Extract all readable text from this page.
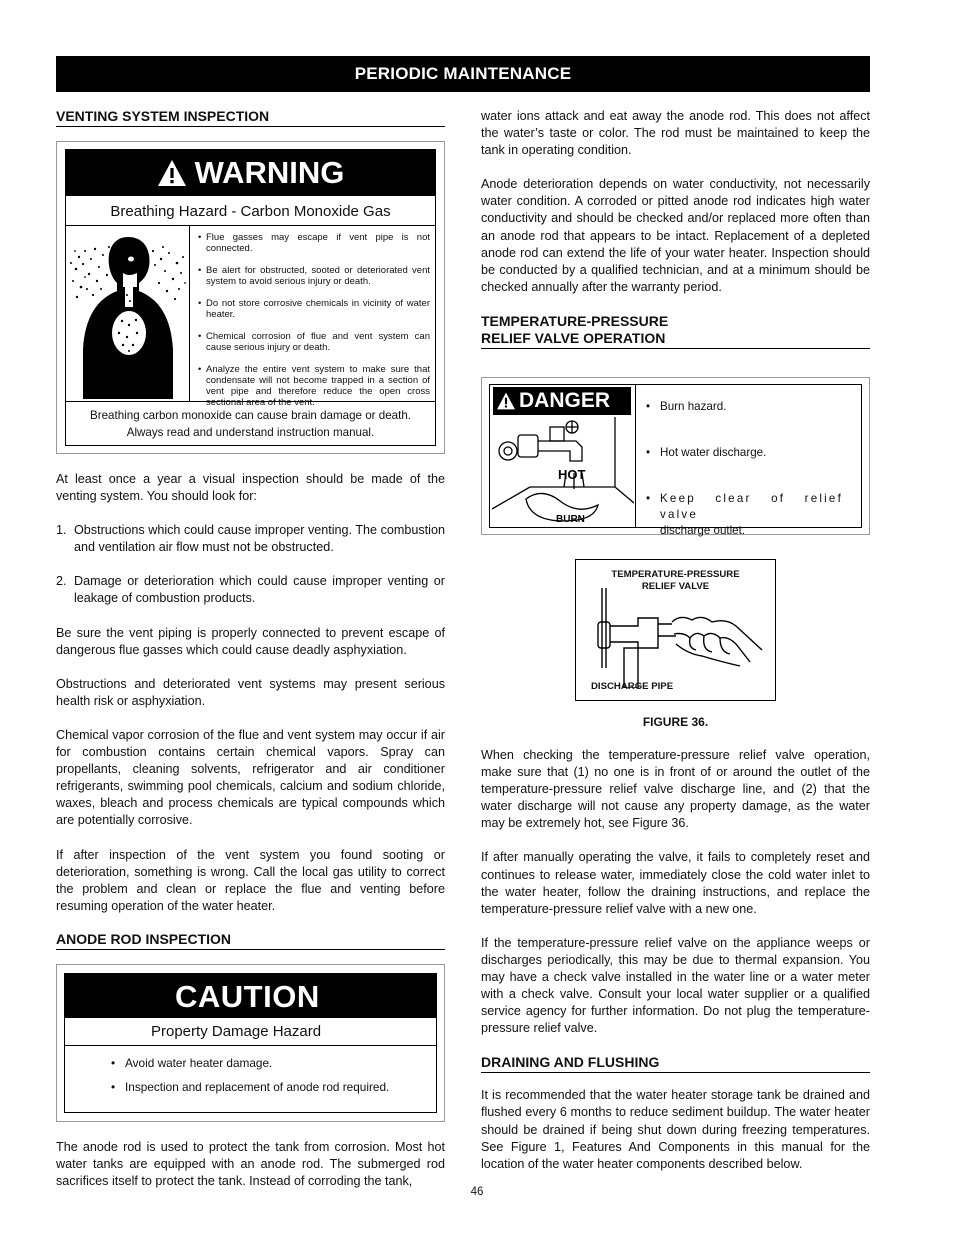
PERIODIC MAINTENANCE
VENTING SYSTEM INSPECTION
WARNING
Breathing Hazard - Carbon Monoxide Gas
• Flue gasses may escape if vent pipe is not connected.
• Be alert for obstructed, sooted or deteriorated vent system to avoid serious injury or death.
• Do not store corrosive chemicals in vicinity of water heater.
• Chemical corrosion of flue and vent system can cause serious injury or death.
• Analyze the entire vent system to make sure that condensate will not become trapped in a section of vent pipe and therefore reduce the open cross sectional area of the vent.
Breathing carbon monoxide can cause brain damage or death.
Always read and understand instruction manual.

At least once a year a visual inspection should be made of the venting system. You should look for:

1. Obstructions which could cause improper venting. The combustion and ventilation air flow must not be obstructed.
2. Damage or deterioration which could cause improper venting or leakage of combustion products.

Be sure the vent piping is properly connected to prevent escape of dangerous flue gasses which could cause deadly asphyxiation.

Obstructions and deteriorated vent systems may present serious health risk or asphyxiation.

Chemical vapor corrosion of the flue and vent system may occur if air for combustion contains certain chemical vapors. Spray can propellants, cleaning solvents, refrigerator and air conditioner refrigerants, swimming pool chemicals, calcium and sodium chloride, waxes, bleach and process chemicals are typical compounds which are potentially corrosive.

If after inspection of the vent system you found sooting or deterioration, something is wrong. Call the local gas utility to correct the problem and clean or replace the flue and venting before resuming operation of the water heater.

ANODE ROD INSPECTION
CAUTION
Property Damage Hazard
• Avoid water heater damage.
• Inspection and replacement of anode rod required.

The anode rod is used to protect the tank from corrosion. Most hot water tanks are equipped with an anode rod. The submerged rod sacrifices itself to protect the tank. Instead of corroding the tank,

water ions attack and eat away the anode rod. This does not affect the water’s taste or color. The rod must be maintained to keep the tank in operating condition.

Anode deterioration depends on water conductivity, not necessarily water condition. A corroded or pitted anode rod indicates high water conductivity and should be checked and/or replaced more often than an anode rod that appears to be intact. Replacement of a depleted anode rod can extend the life of your water heater. Inspection should be conducted by a qualified technician, and at a minimum should be checked annually after the warranty period.

TEMPERATURE-PRESSURE
RELIEF VALVE OPERATION
DANGER
HOT
BURN
• Burn hazard.
• Hot water discharge.
• Keep clear of relief valve
discharge outlet.
TEMPERATURE-PRESSURE
RELIEF VALVE
DISCHARGE PIPE
FIGURE 36.

When checking the temperature-pressure relief valve operation, make sure that (1) no one is in front of or around the outlet of the temperature-pressure relief valve discharge line, and (2) that the water discharge will not cause any property damage, as the water may be extremely hot, see Figure 36.

If after manually operating the valve, it fails to completely reset and continues to release water, immediately close the cold water inlet to the water heater, follow the draining instructions, and replace the temperature-pressure relief valve with a new one.

If the temperature-pressure relief valve on the appliance weeps or discharges periodically, this may be due to thermal expansion. You may have a check valve installed in the water line or a water meter with a check valve. Consult your local water supplier or a qualified service agency for further information. Do not plug the temperature-pressure relief valve.

DRAINING AND FLUSHING

It is recommended that the water heater storage tank be drained and flushed every 6 months to reduce sediment buildup. The water heater should be drained if being shut down during freezing temperatures. See Figure 1, Features And Components in this manual for the location of the water heater components described below.

46
